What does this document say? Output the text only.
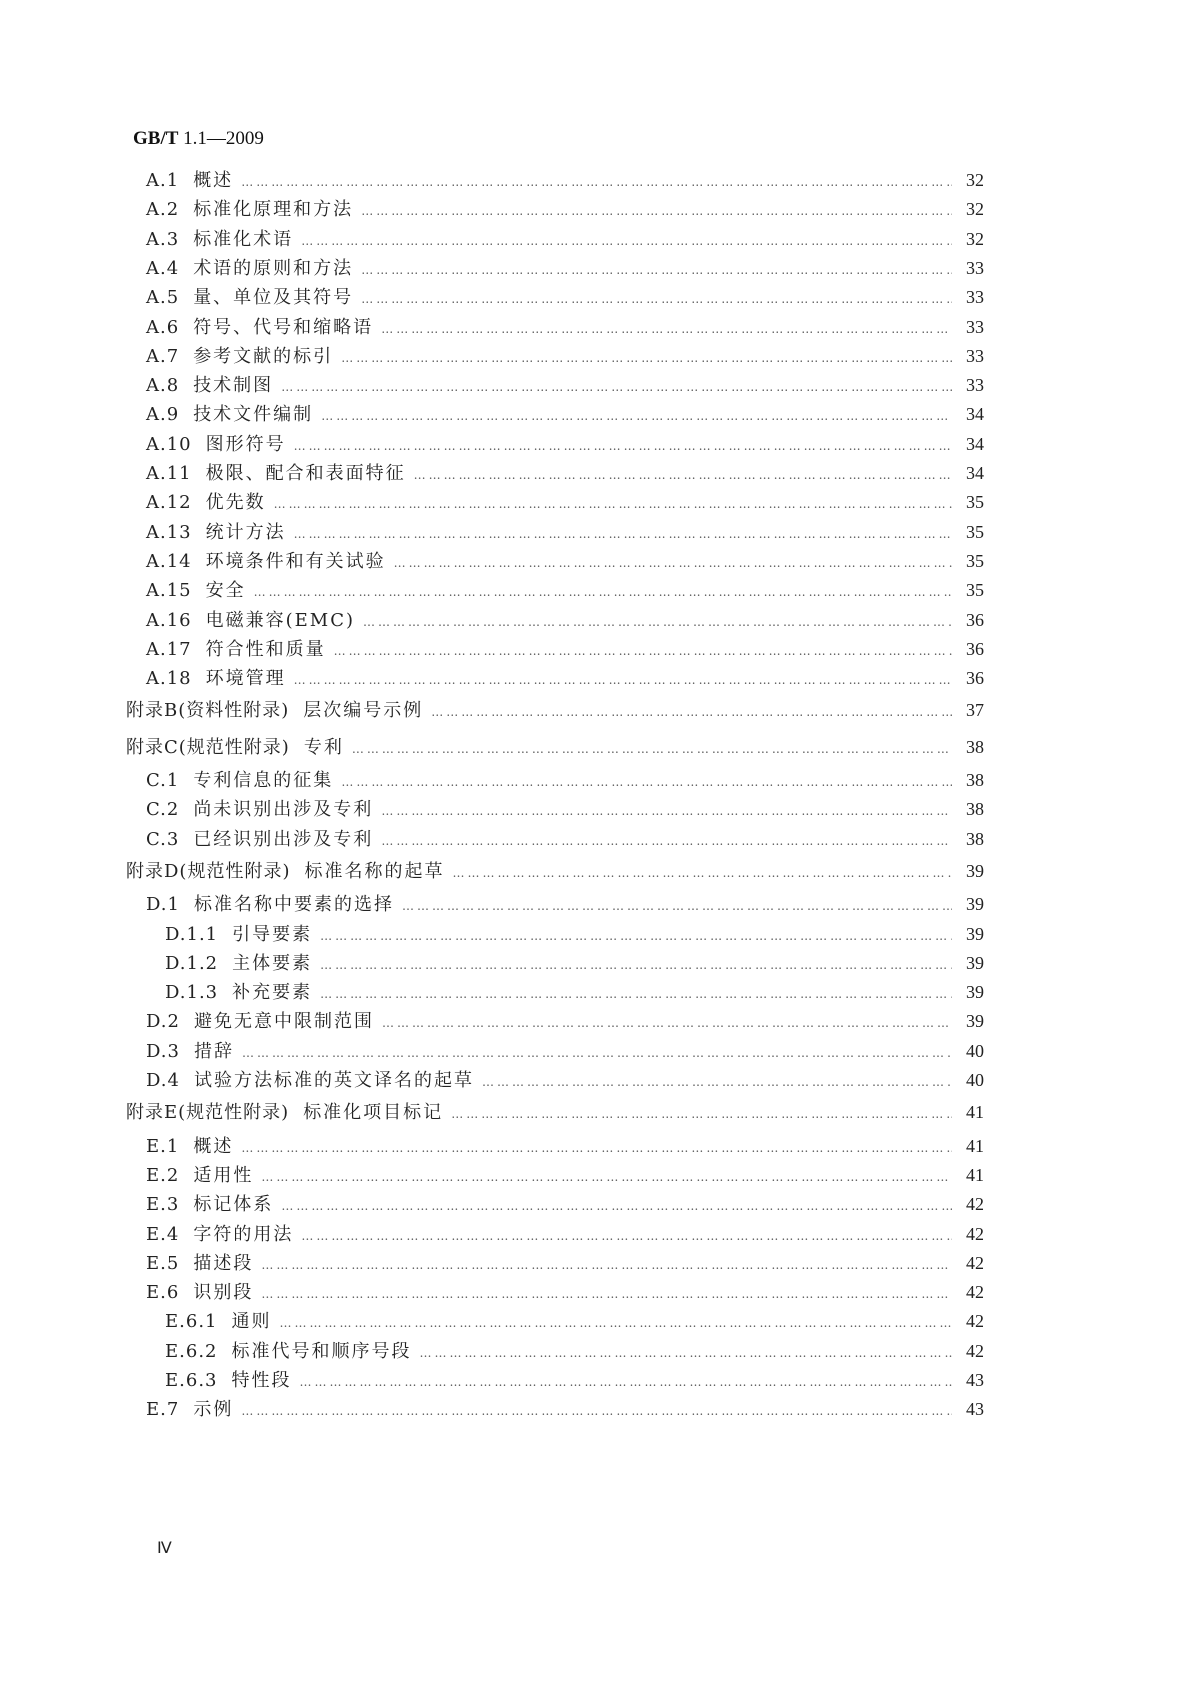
GB/T 1.1—2009
A.1 概述 ……………………………………………………………………………………………………………………………………………………………………………………………………………………	32
A.2 标准化原理和方法 ……………………………………………………………………………………………………………………………………………………………………………………………………………………	32
A.3 标准化术语 ……………………………………………………………………………………………………………………………………………………………………………………………………………………	32
A.4 术语的原则和方法 ……………………………………………………………………………………………………………………………………………………………………………………………………………………	33
A.5 量、单位及其符号 ……………………………………………………………………………………………………………………………………………………………………………………………………………………	33
A.6 符号、代号和缩略语 ……………………………………………………………………………………………………………………………………………………………………………………………………………………	33
A.7 参考文献的标引 ……………………………………………………………………………………………………………………………………………………………………………………………………………………	33
A.8 技术制图 ……………………………………………………………………………………………………………………………………………………………………………………………………………………	33
A.9 技术文件编制 ……………………………………………………………………………………………………………………………………………………………………………………………………………………	34
A.10 图形符号 ……………………………………………………………………………………………………………………………………………………………………………………………………………………	34
A.11 极限、配合和表面特征 ……………………………………………………………………………………………………………………………………………………………………………………………………………………	34
A.12 优先数 ……………………………………………………………………………………………………………………………………………………………………………………………………………………	35
A.13 统计方法 ……………………………………………………………………………………………………………………………………………………………………………………………………………………	35
A.14 环境条件和有关试验 ……………………………………………………………………………………………………………………………………………………………………………………………………………………	35
A.15 安全 ……………………………………………………………………………………………………………………………………………………………………………………………………………………	35
A.16 电磁兼容(EMC) ……………………………………………………………………………………………………………………………………………………………………………………………………………………	36
A.17 符合性和质量 ……………………………………………………………………………………………………………………………………………………………………………………………………………………	36
A.18 环境管理 ……………………………………………………………………………………………………………………………………………………………………………………………………………………	36
附录B(资料性附录) 层次编号示例 ……………………………………………………………………………………………………………………………………………………………………………………………………………………	37
附录C(规范性附录) 专利 ……………………………………………………………………………………………………………………………………………………………………………………………………………………	38
C.1 专利信息的征集 ……………………………………………………………………………………………………………………………………………………………………………………………………………………	38
C.2 尚未识别出涉及专利 ……………………………………………………………………………………………………………………………………………………………………………………………………………………	38
C.3 已经识别出涉及专利 ……………………………………………………………………………………………………………………………………………………………………………………………………………………	38
附录D(规范性附录) 标准名称的起草 ……………………………………………………………………………………………………………………………………………………………………………………………………………………	39
D.1 标准名称中要素的选择 ……………………………………………………………………………………………………………………………………………………………………………………………………………………	39
D.1.1 引导要素 ……………………………………………………………………………………………………………………………………………………………………………………………………………………	39
D.1.2 主体要素 ……………………………………………………………………………………………………………………………………………………………………………………………………………………	39
D.1.3 补充要素 ……………………………………………………………………………………………………………………………………………………………………………………………………………………	39
D.2 避免无意中限制范围 ……………………………………………………………………………………………………………………………………………………………………………………………………………………	39
D.3 措辞 ……………………………………………………………………………………………………………………………………………………………………………………………………………………	40
D.4 试验方法标准的英文译名的起草 ……………………………………………………………………………………………………………………………………………………………………………………………………………………	40
附录E(规范性附录) 标准化项目标记 ……………………………………………………………………………………………………………………………………………………………………………………………………………………	41
E.1 概述 ……………………………………………………………………………………………………………………………………………………………………………………………………………………	41
E.2 适用性 ……………………………………………………………………………………………………………………………………………………………………………………………………………………	41
E.3 标记体系 ……………………………………………………………………………………………………………………………………………………………………………………………………………………	42
E.4 字符的用法 ……………………………………………………………………………………………………………………………………………………………………………………………………………………	42
E.5 描述段 ……………………………………………………………………………………………………………………………………………………………………………………………………………………	42
E.6 识别段 ……………………………………………………………………………………………………………………………………………………………………………………………………………………	42
E.6.1 通则 ……………………………………………………………………………………………………………………………………………………………………………………………………………………	42
E.6.2 标准代号和顺序号段 ……………………………………………………………………………………………………………………………………………………………………………………………………………………	42
E.6.3 特性段 ……………………………………………………………………………………………………………………………………………………………………………………………………………………	43
E.7 示例 ……………………………………………………………………………………………………………………………………………………………………………………………………………………	43
Ⅳ
